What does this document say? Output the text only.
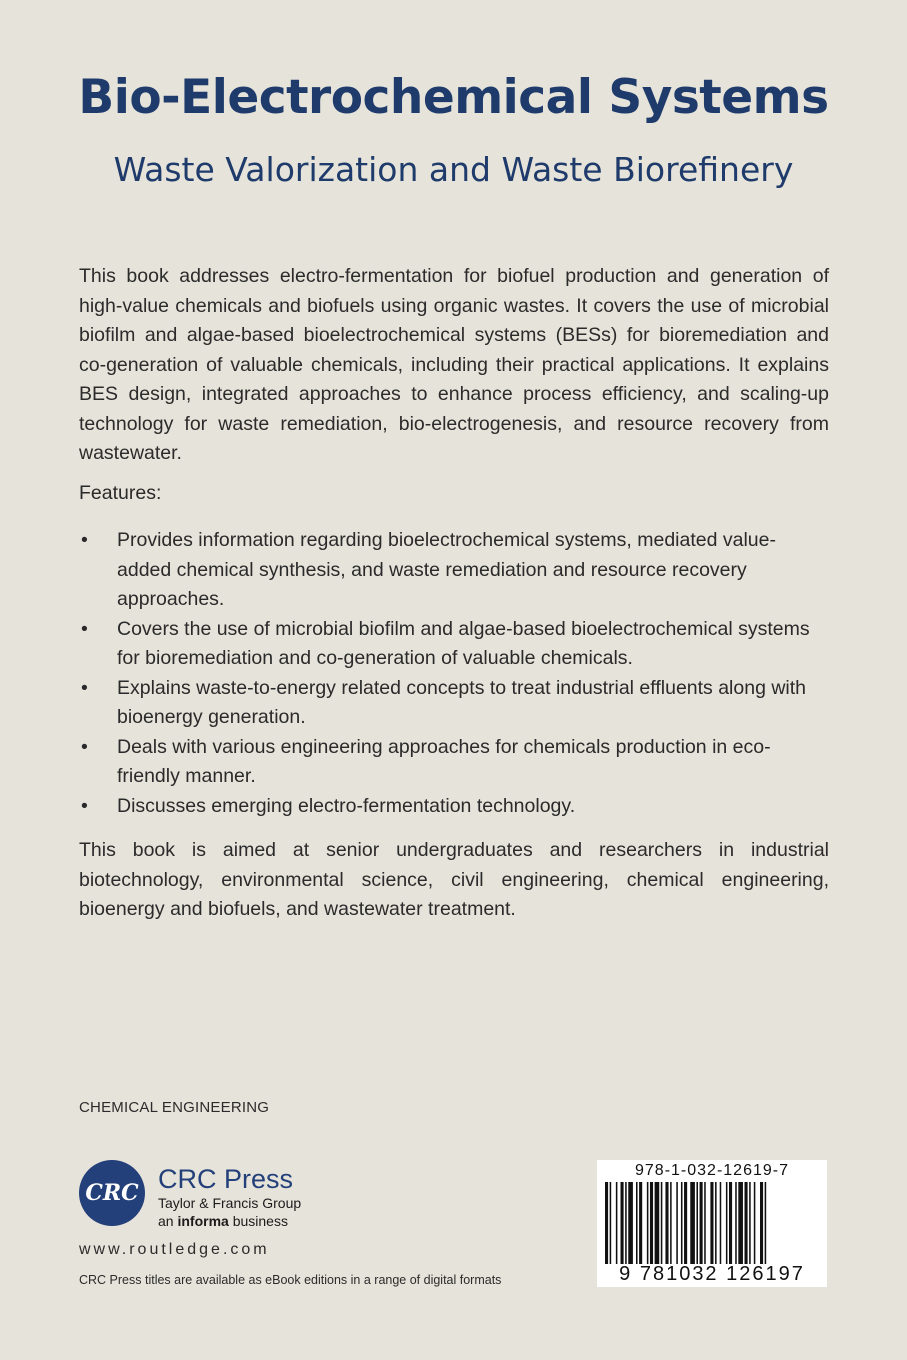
Bio-Electrochemical Systems
Waste Valorization and Waste Biorefinery

This book addresses electro-fermentation for biofuel production and generation of high-value chemicals and biofuels using organic wastes. It covers the use of microbial biofilm and algae-based bioelectrochemical systems (BESs) for bioremediation and co-generation of valuable chemicals, including their practical applications. It explains BES design, integrated approaches to enhance process efficiency, and scaling-up technology for waste remediation, bio-electrogenesis, and resource recovery from wastewater.

Features:

• Provides information regarding bioelectrochemical systems, mediated value-added chemical synthesis, and waste remediation and resource recovery approaches.
• Covers the use of microbial biofilm and algae-based bioelectrochemical systems for bioremediation and co-generation of valuable chemicals.
• Explains waste-to-energy related concepts to treat industrial effluents along with bioenergy generation.
• Deals with various engineering approaches for chemicals production in eco-friendly manner.
• Discusses emerging electro-fermentation technology.

This book is aimed at senior undergraduates and researchers in industrial biotechnology, environmental science, civil engineering, chemical engineering, bioenergy and biofuels, and wastewater treatment.

CHEMICAL ENGINEERING
CRC CRC Press
Taylor & Francis Group
an informa business
www.routledge.com
CRC Press titles are available as eBook editions in a range of digital formats
978-1-032-12619-7
9 781032 126197
